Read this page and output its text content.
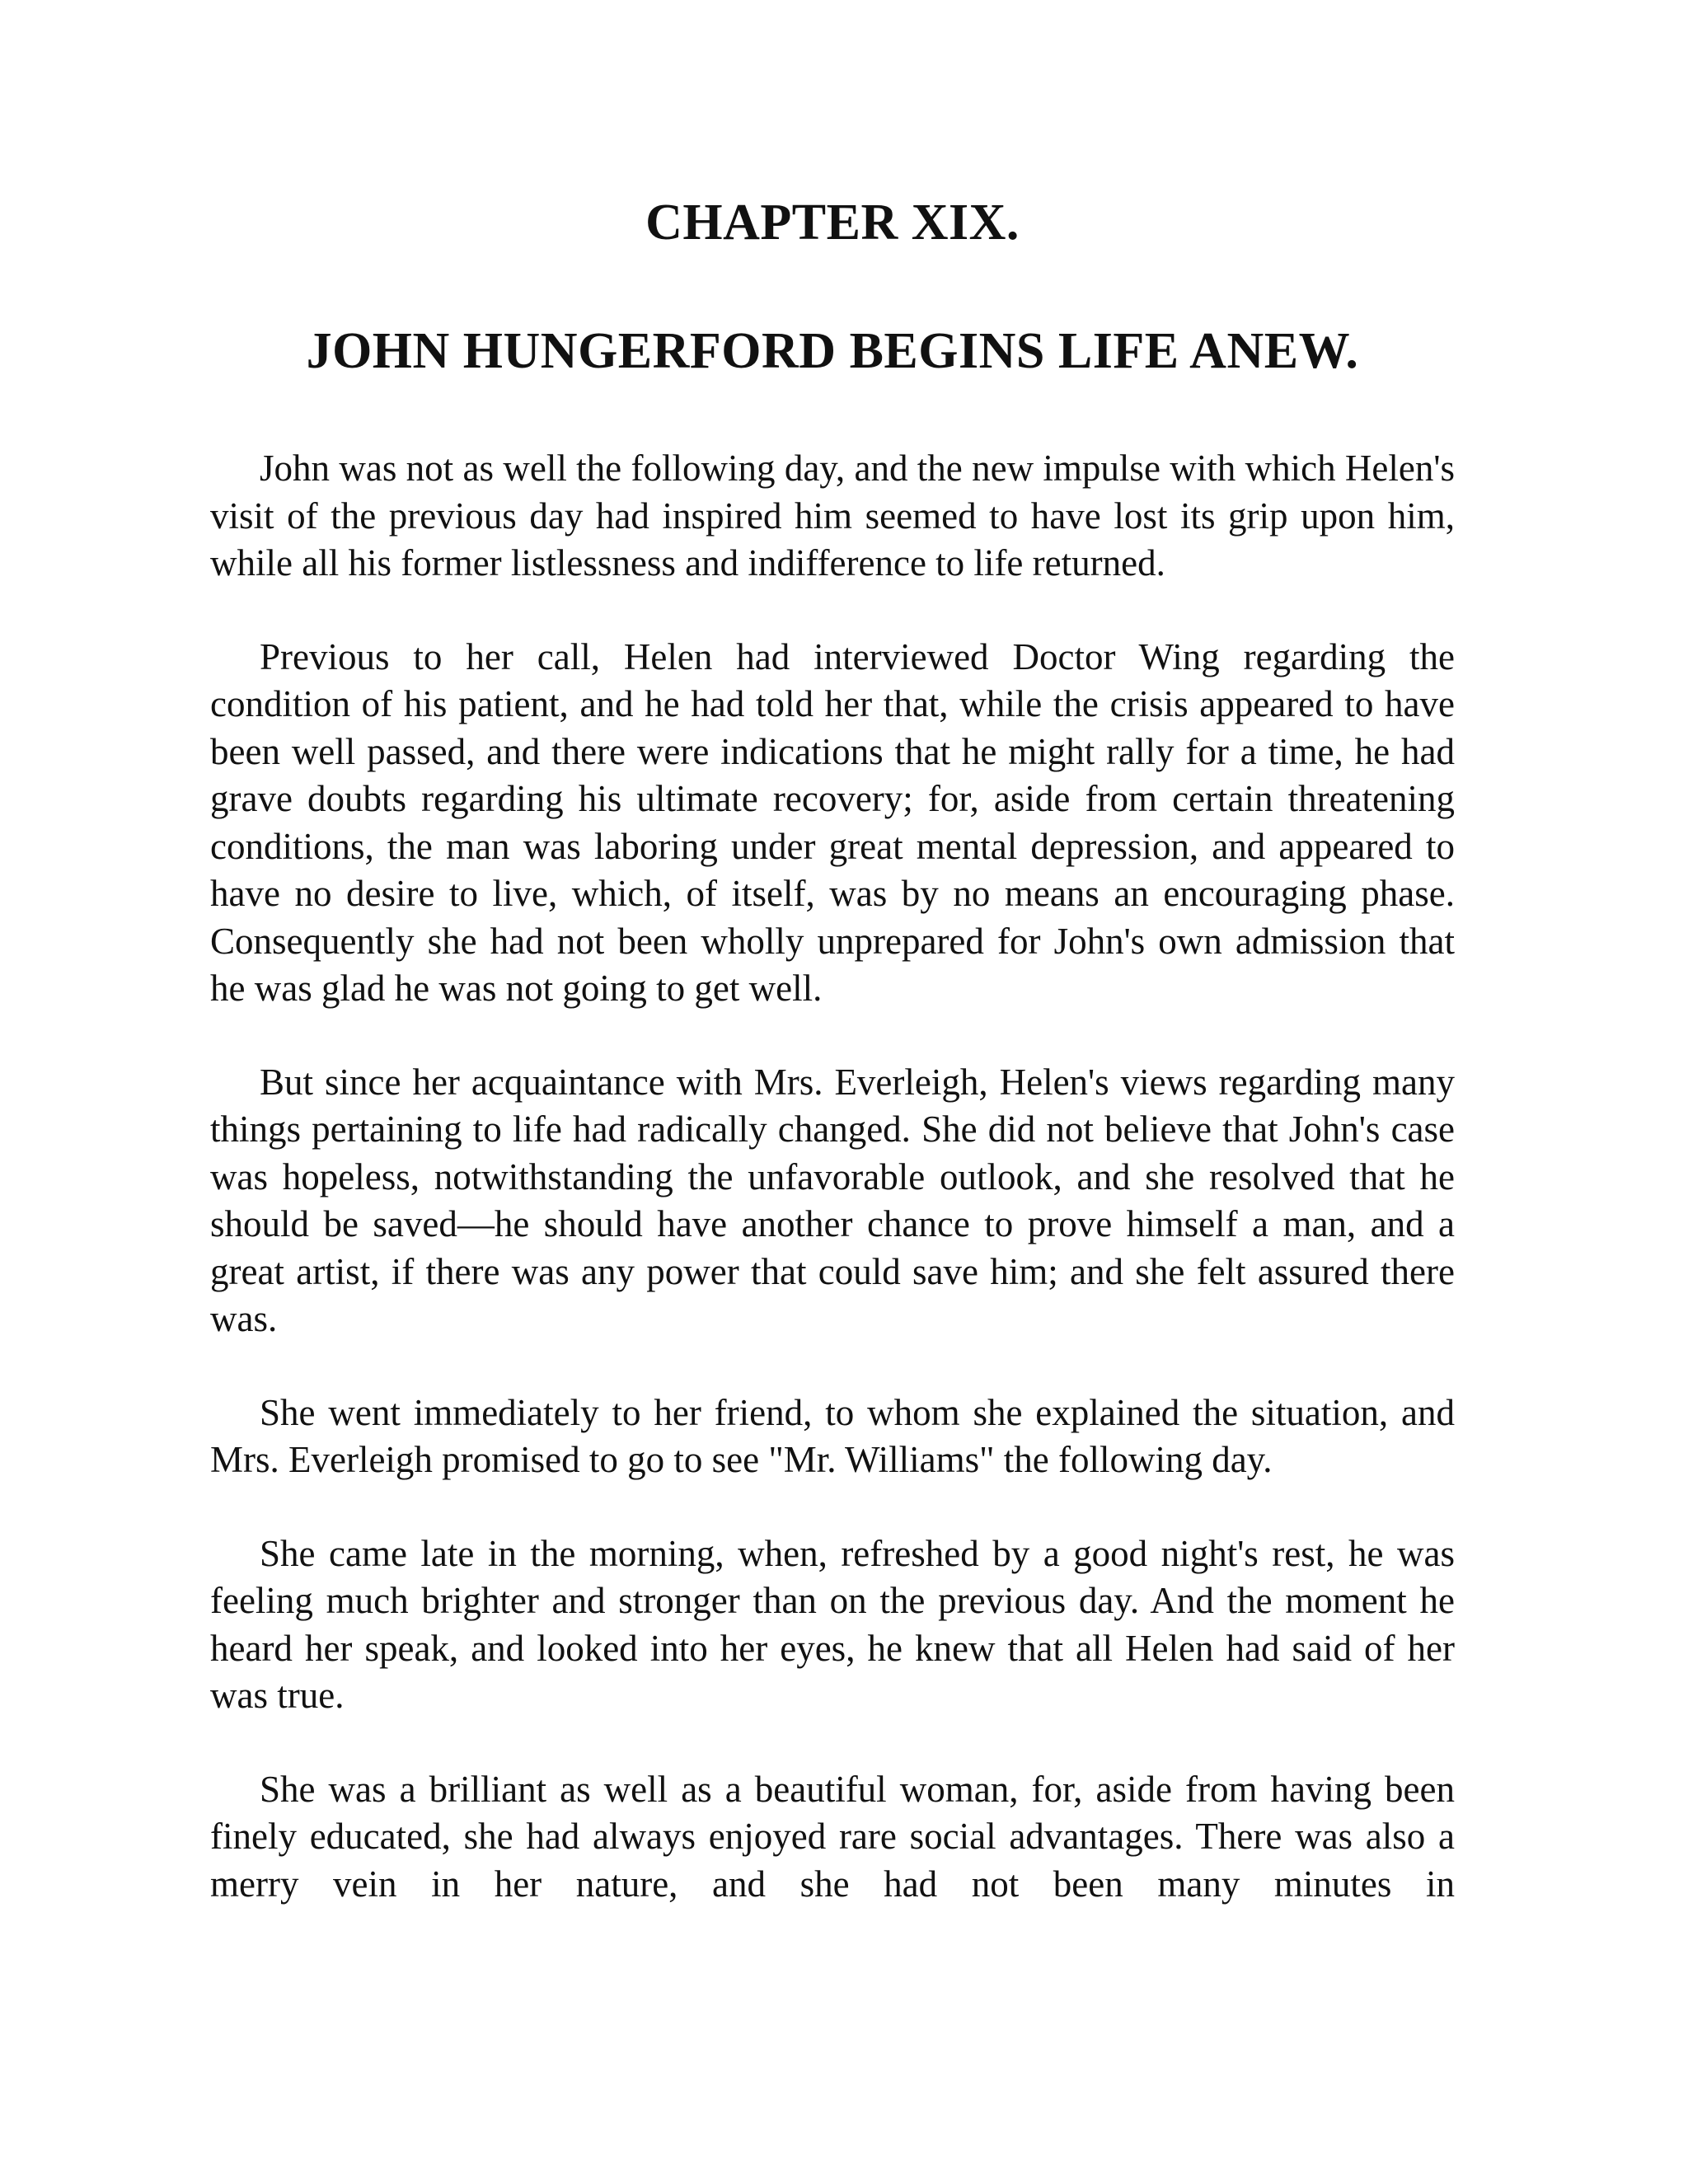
CHAPTER XIX.
JOHN HUNGERFORD BEGINS LIFE ANEW.

John was not as well the following day, and the new impulse with which Helen's visit of the previous day had inspired him seemed to have lost its grip upon him, while all his former listlessness and indifference to life returned.

Previous to her call, Helen had interviewed Doctor Wing regarding the condition of his patient, and he had told her that, while the crisis appeared to have been well passed, and there were indications that he might rally for a time, he had grave doubts regarding his ultimate recovery; for, aside from certain threatening conditions, the man was laboring under great mental depression, and appeared to have no desire to live, which, of itself, was by no means an encouraging phase. Consequently she had not been wholly unprepared for John's own admission that he was glad he was not going to get well.

But since her acquaintance with Mrs. Everleigh, Helen's views regarding many things pertaining to life had radically changed. She did not believe that John's case was hopeless, notwithstanding the unfavorable outlook, and she resolved that he should be saved—he should have another chance to prove himself a man, and a great artist, if there was any power that could save him; and she felt assured there was.

She went immediately to her friend, to whom she explained the situation, and Mrs. Everleigh promised to go to see "Mr. Williams" the following day.

She came late in the morning, when, refreshed by a good night's rest, he was feeling much brighter and stronger than on the previous day. And the moment he heard her speak, and looked into her eyes, he knew that all Helen had said of her was true.

She was a brilliant as well as a beautiful woman, for, aside from having been finely educated, she had always enjoyed rare social advantages. There was also a merry vein in her nature, and she had not been many minutes in
